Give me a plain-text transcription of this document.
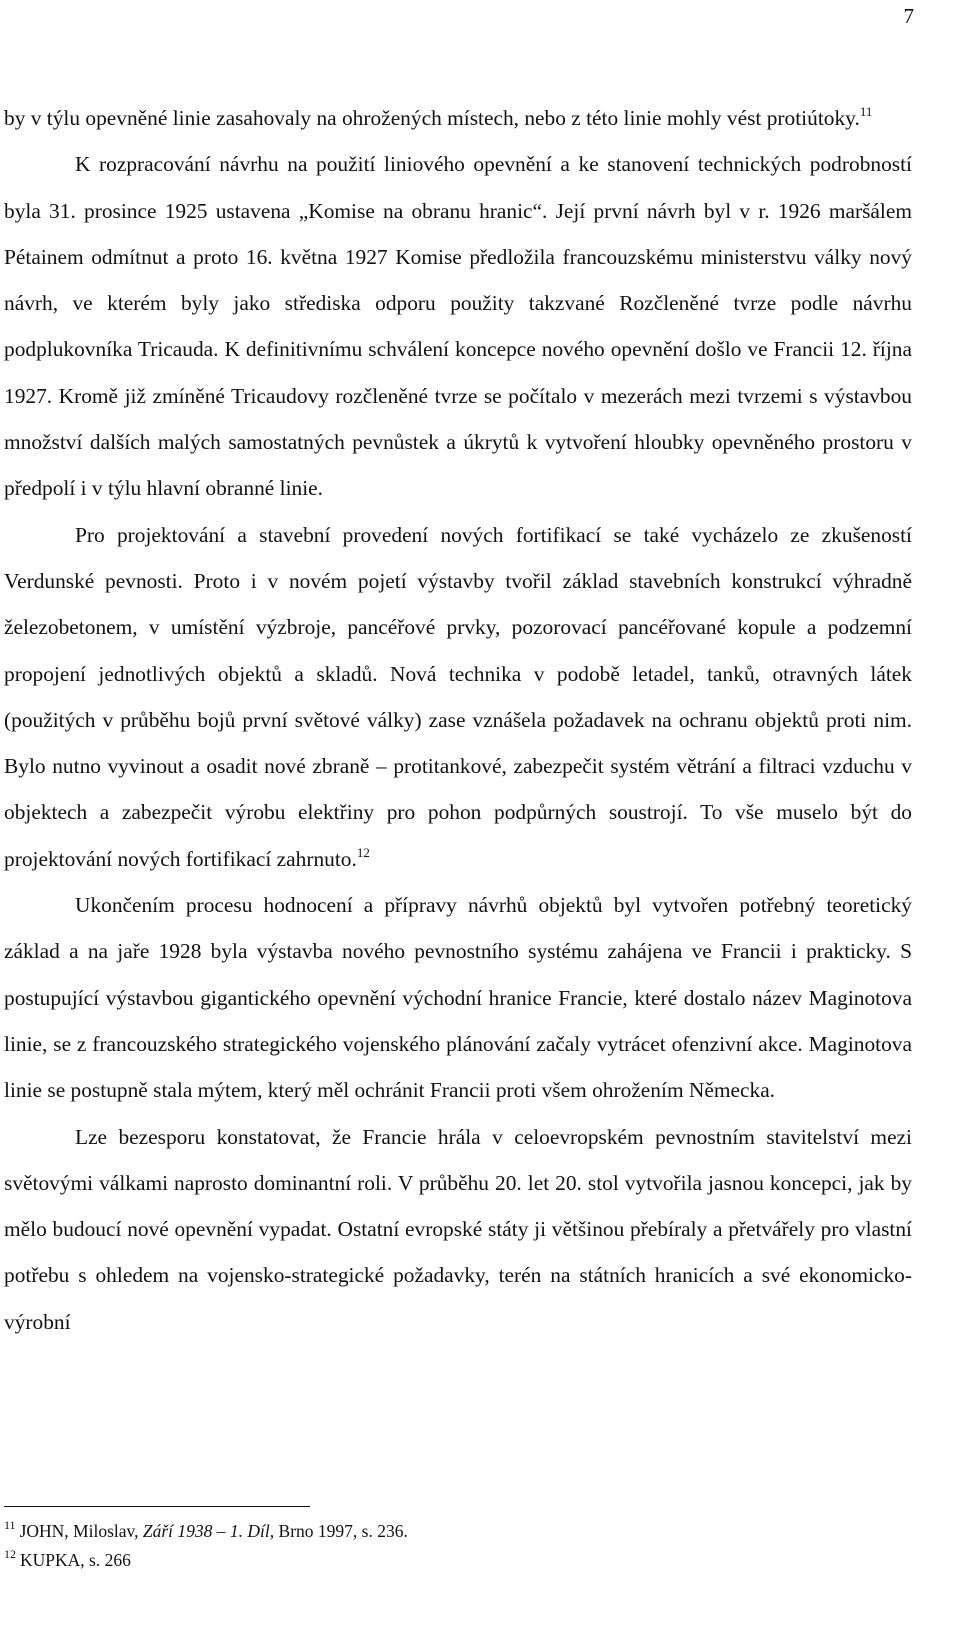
7

by v týlu opevněné linie zasahovaly na ohrožených místech, nebo z této linie mohly vést protiútoky.$^{11}$

K rozpracování návrhu na použití liniového opevnění a ke stanovení technických podrobností byla 31. prosince 1925 ustavena „Komise na obranu hranic“. Její první návrh byl v r. 1926 maršálem Pétainem odmítnut a proto 16. května 1927 Komise předložila francouzskému ministerstvu války nový návrh, ve kterém byly jako střediska odporu použity takzvané Rozčleněné tvrze podle návrhu podplukovníka Tricauda. K definitivnímu schválení koncepce nového opevnění došlo ve Francii 12. října 1927. Kromě již zmíněné Tricaudovy rozčleněné tvrze se počítalo v mezerách mezi tvrzemi s výstavbou množství dalších malých samostatných pevnůstek a úkrytů k vytvoření hloubky opevněného prostoru v předpolí i v týlu hlavní obranné linie.

Pro projektování a stavební provedení nových fortifikací se také vycházelo ze zkušeností Verdunské pevnosti. Proto i v novém pojetí výstavby tvořil základ stavebních konstrukcí výhradně železobetonem, v umístění výzbroje, pancéřové prvky, pozorovací pancéřované kopule a podzemní propojení jednotlivých objektů a skladů. Nová technika v podobě letadel, tanků, otravných látek (použitých v průběhu bojů první světové války) zase vznášela požadavek na ochranu objektů proti nim. Bylo nutno vyvinout a osadit nové zbraně – protitankové, zabezpečit systém větrání a filtraci vzduchu v objektech a zabezpečit výrobu elektřiny pro pohon podpůrných soustrojí. To vše muselo být do projektování nových fortifikací zahrnuto.$^{12}$

Ukončením procesu hodnocení a přípravy návrhů objektů byl vytvořen potřebný teoretický základ a na jaře 1928 byla výstavba nového pevnostního systému zahájena ve Francii i prakticky. S postupující výstavbou gigantického opevnění východní hranice Francie, které dostalo název Maginotova linie, se z francouzského strategického vojenského plánování začaly vytrácet ofenzivní akce. Maginotova linie se postupně stala mýtem, který měl ochránit Francii proti všem ohrožením Německa.

Lze bezesporu konstatovat, že Francie hrála v celoevropském pevnostním stavitelství mezi světovými válkami naprosto dominantní roli. V průběhu 20. let 20. stol vytvořila jasnou koncepci, jak by mělo budoucí nové opevnění vypadat. Ostatní evropské státy ji většinou přebíraly a přetvářely pro vlastní potřebu s ohledem na vojensko-strategické požadavky, terén na státních hranicích a své ekonomicko-výrobní

$^{11}$ JOHN, Miloslav, Září 1938 – 1. Díl, Brno 1997, s. 236.

$^{12}$ KUPKA, s. 266
